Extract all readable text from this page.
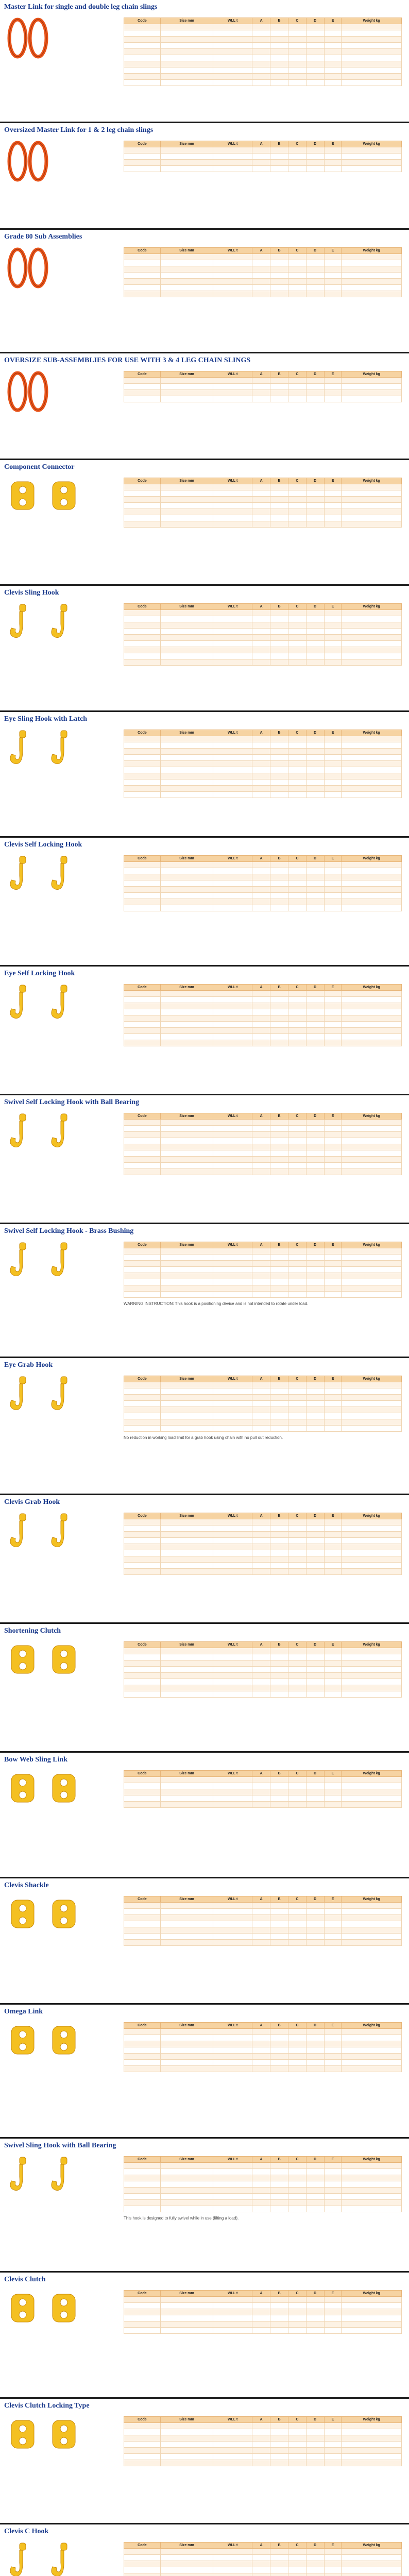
Master Link for single and double leg chain slings
Code	Size mm	WLL t	A	B	C	D	E	Weight kg

Oversized Master Link for 1 & 2 leg chain slings
Code	Size mm	WLL t	A	B	C	D	E	Weight kg

Grade 80 Sub Assemblies
Code	Size mm	WLL t	A	B	C	D	E	Weight kg

OVERSIZE SUB-ASSEMBLIES FOR USE WITH 3 & 4 LEG CHAIN SLINGS
Code	Size mm	WLL t	A	B	C	D	E	Weight kg

Component Connector
Code	Size mm	WLL t	A	B	C	D	E	Weight kg

Clevis Sling Hook
Code	Size mm	WLL t	A	B	C	D	E	Weight kg

Eye Sling Hook with Latch
Code	Size mm	WLL t	A	B	C	D	E	Weight kg

Clevis Self Locking Hook
Code	Size mm	WLL t	A	B	C	D	E	Weight kg

Eye Self Locking Hook
Code	Size mm	WLL t	A	B	C	D	E	Weight kg

Swivel Self Locking Hook with Ball Bearing
Code	Size mm	WLL t	A	B	C	D	E	Weight kg

Swivel Self Locking Hook - Brass Bushing
Code	Size mm	WLL t	A	B	C	D	E	Weight kg

WARNING INSTRUCTION: This hook is a positioning device and is not intended to rotate under load.
Eye Grab Hook
Code	Size mm	WLL t	A	B	C	D	E	Weight kg

No reduction in working load limit for a grab hook using chain with no pull out reduction.
Clevis Grab Hook
Code	Size mm	WLL t	A	B	C	D	E	Weight kg

Shortening Clutch
Code	Size mm	WLL t	A	B	C	D	E	Weight kg

Bow Web Sling Link
Code	Size mm	WLL t	A	B	C	D	E	Weight kg

Clevis Shackle
Code	Size mm	WLL t	A	B	C	D	E	Weight kg

Omega Link
Code	Size mm	WLL t	A	B	C	D	E	Weight kg

Swivel Sling Hook with Ball Bearing
Code	Size mm	WLL t	A	B	C	D	E	Weight kg

This hook is designed to fully swivel while in use (lifting a load).
Clevis Clutch
Code	Size mm	WLL t	A	B	C	D	E	Weight kg

Clevis Clutch Locking Type
Code	Size mm	WLL t	A	B	C	D	E	Weight kg

Clevis C Hook
Code	Size mm	WLL t	A	B	C	D	E	Weight kg
